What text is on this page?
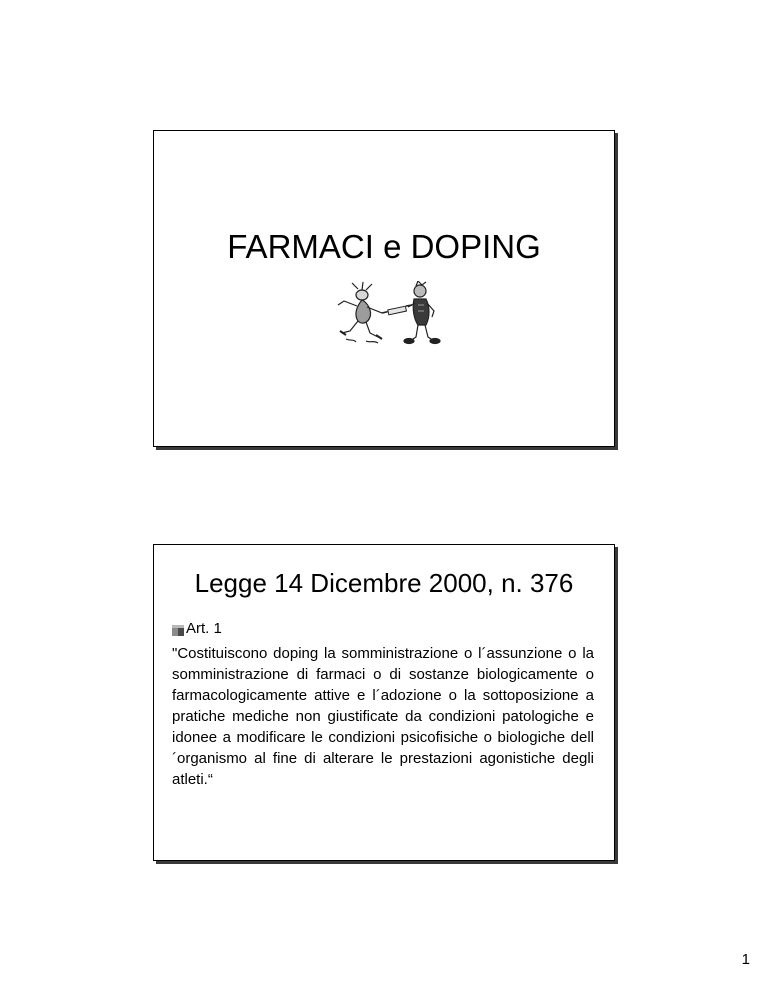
FARMACI e DOPING
Legge 14 Dicembre 2000, n. 376
Art. 1
"Costituiscono doping la somministrazione o l´assunzione o la somministrazione di farmaci o di sostanze biologicamente o farmacologicamente attive e l´adozione o la sottoposizione a pratiche mediche non giustificate da condizioni patologiche e idonee a modificare le condizioni psicofisiche o biologiche dell´organismo al fine di alterare le prestazioni agonistiche degli atleti.“
1
